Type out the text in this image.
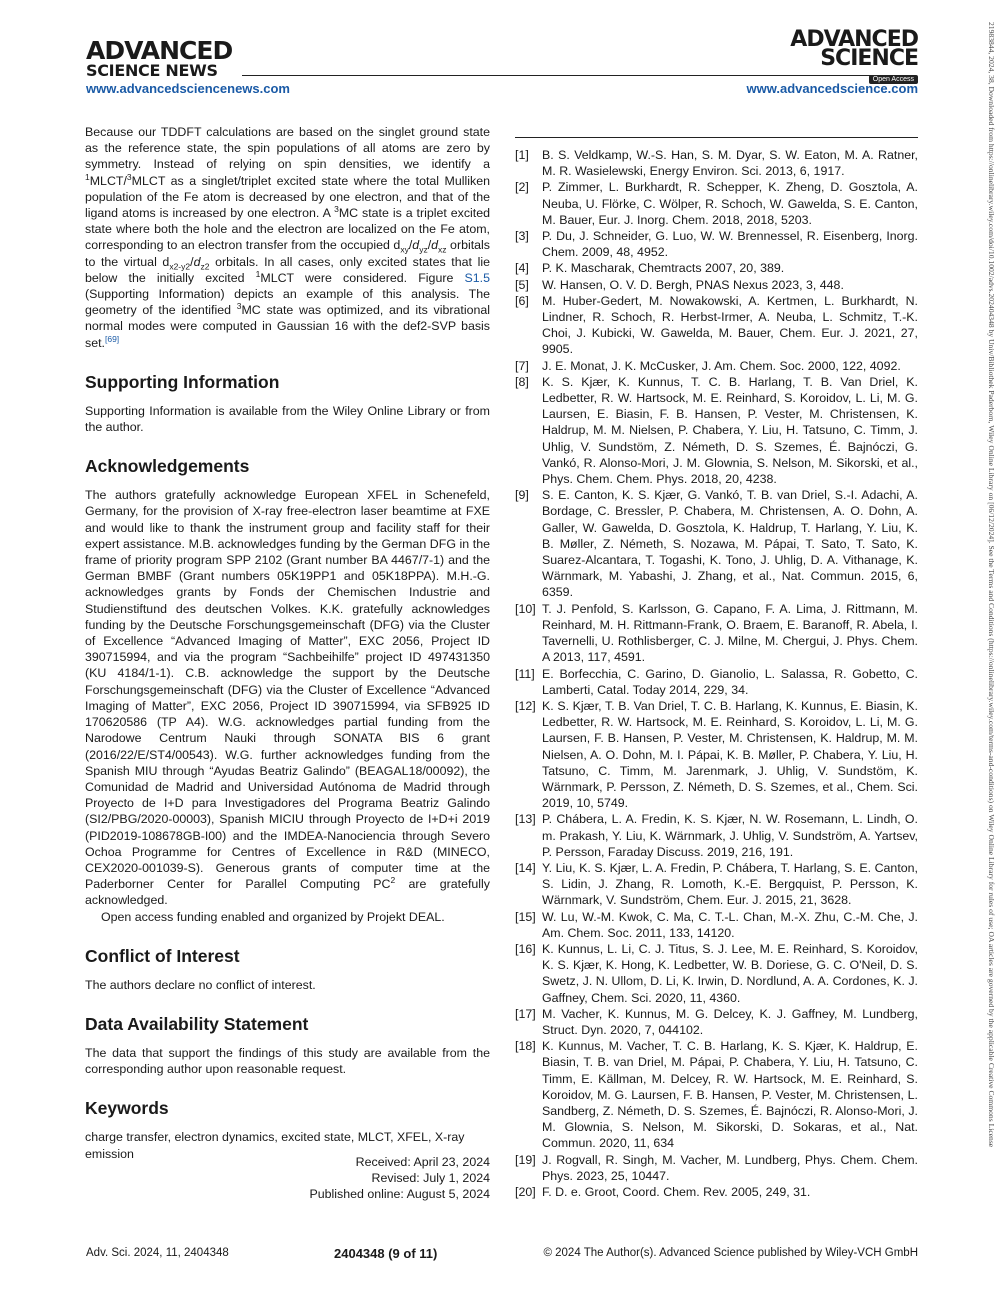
ADVANCED
SCIENCE NEWS
ADVANCED
SCIENCE
Open Access
www.advancedsciencenews.com	www.advancedscience.com	21983844, 2024, 38, Downloaded from https://onlinelibrary.wiley.com/doi/10.1002/advs.202404348 by Univ/Bibliothek Paderborn, Wiley Online Library on [06/12/2024]. See the Terms and Conditions (https://onlinelibrary.wiley.com/terms-and-conditions) on Wiley Online Library for rules of use; OA articles are governed by the applicable Creative Commons License

Because our TDDFT calculations are based on the singlet ground state as the reference state, the spin populations of all atoms are zero by symmetry. Instead of relying on spin densities, we identify a $^1$MLCT/$^3$MLCT as a singlet/triplet excited state where the total Mulliken population of the Fe atom is decreased by one electron, and that of the ligand atoms is increased by one electron. A $^3$MC state is a triplet excited state where both the hole and the electron are localized on the Fe atom, corresponding to an electron transfer from the occupied $d_{xy}/d_{yz}/d_{xz}$ orbitals to the virtual $d_{x2-y2}/d_{z2}$ orbitals. In all cases, only excited states that lie below the initially excited $^1$MLCT were considered. Figure S1.5 (Supporting Information) depicts an example of this analysis. The geometry of the identified $^3$MC state was optimized, and its vibrational normal modes were computed in Gaussian 16 with the def2-SVP basis set.[69]

Supporting Information

Supporting Information is available from the Wiley Online Library or from the author.

Acknowledgements

The authors gratefully acknowledge European XFEL in Schenefeld, Germany, for the provision of X-ray free-electron laser beamtime at FXE and would like to thank the instrument group and facility staff for their expert assistance. M.B. acknowledges funding by the German DFG in the frame of priority program SPP 2102 (Grant number BA 4467/7-1) and the German BMBF (Grant numbers 05K19PP1 and 05K18PPA). M.H.-G. acknowledges grants by Fonds der Chemischen Industrie and Studienstiftund des deutschen Volkes. K.K. gratefully acknowledges funding by the Deutsche Forschungsgemeinschaft (DFG) via the Cluster of Excellence “Advanced Imaging of Matter”, EXC 2056, Project ID 390715994, and via the program “Sachbeihilfe” project ID 497431350 (KU 4184/1-1). C.B. acknowledge the support by the Deutsche Forschungsgemeinschaft (DFG) via the Cluster of Excellence “Advanced Imaging of Matter”, EXC 2056, Project ID 390715994, via SFB925 ID 170620586 (TP A4). W.G. acknowledges partial funding from the Narodowe Centrum Nauki through SONATA BIS 6 grant (2016/22/E/ST4/00543). W.G. further acknowledges funding from the Spanish MIU through “Ayudas Beatriz Galindo” (BEAGAL18/00092), the Comunidad de Madrid and Universidad Autónoma de Madrid through Proyecto de I+D para Investigadores del Programa Beatriz Galindo (SI2/PBG/2020-00003), Spanish MICIU through Proyecto de I+D+i 2019 (PID2019-108678GB-I00) and the IMDEA-Nanociencia through Severo Ochoa Programme for Centres of Excellence in R&D (MINECO, CEX2020-001039-S). Generous grants of computer time at the Paderborner Center for Parallel Computing $PC^2$ are gratefully acknowledged.

Open access funding enabled and organized by Projekt DEAL.

Conflict of Interest

The authors declare no conflict of interest.

Data Availability Statement

The data that support the findings of this study are available from the corresponding author upon reasonable request.

Keywords

charge transfer, electron dynamics, excited state, MLCT, XFEL, X-ray emission

Received: April 23, 2024
Revised: July 1, 2024
Published online: August 5, 2024
[1]	B. S. Veldkamp, W.-S. Han, S. M. Dyar, S. W. Eaton, M. A. Ratner, M. R. Wasielewski, Energy Environ. Sci. 2013, 6, 1917.
[2]	P. Zimmer, L. Burkhardt, R. Schepper, K. Zheng, D. Gosztola, A. Neuba, U. Flörke, C. Wölper, R. Schoch, W. Gawelda, S. E. Canton, M. Bauer, Eur. J. Inorg. Chem. 2018, 2018, 5203.
[3]	P. Du, J. Schneider, G. Luo, W. W. Brennessel, R. Eisenberg, Inorg. Chem. 2009, 48, 4952.
[4]	P. K. Mascharak, Chemtracts 2007, 20, 389.
[5]	W. Hansen, O. V. D. Bergh, PNAS Nexus 2023, 3, 448.
[6]	M. Huber-Gedert, M. Nowakowski, A. Kertmen, L. Burkhardt, N. Lindner, R. Schoch, R. Herbst-Irmer, A. Neuba, L. Schmitz, T.-K. Choi, J. Kubicki, W. Gawelda, M. Bauer, Chem. Eur. J. 2021, 27, 9905.
[7]	J. E. Monat, J. K. McCusker, J. Am. Chem. Soc. 2000, 122, 4092.
[8]	K. S. Kjær, K. Kunnus, T. C. B. Harlang, T. B. Van Driel, K. Ledbetter, R. W. Hartsock, M. E. Reinhard, S. Koroidov, L. Li, M. G. Laursen, E. Biasin, F. B. Hansen, P. Vester, M. Christensen, K. Haldrup, M. M. Nielsen, P. Chabera, Y. Liu, H. Tatsuno, C. Timm, J. Uhlig, V. Sundstöm, Z. Németh, D. S. Szemes, É. Bajnóczi, G. Vankó, R. Alonso-Mori, J. M. Glownia, S. Nelson, M. Sikorski, et al., Phys. Chem. Chem. Phys. 2018, 20, 4238.
[9]	S. E. Canton, K. S. Kjær, G. Vankó, T. B. van Driel, S.-I. Adachi, A. Bordage, C. Bressler, P. Chabera, M. Christensen, A. O. Dohn, A. Galler, W. Gawelda, D. Gosztola, K. Haldrup, T. Harlang, Y. Liu, K. B. Møller, Z. Németh, S. Nozawa, M. Pápai, T. Sato, T. Sato, K. Suarez-Alcantara, T. Togashi, K. Tono, J. Uhlig, D. A. Vithanage, K. Wärnmark, M. Yabashi, J. Zhang, et al., Nat. Commun. 2015, 6, 6359.
[10] T. J. Penfold, S. Karlsson, G. Capano, F. A. Lima, J. Rittmann, M. Reinhard, M. H. Rittmann-Frank, O. Braem, E. Baranoff, R. Abela, I. Tavernelli, U. Rothlisberger, C. J. Milne, M. Chergui, J. Phys. Chem. A 2013, 117, 4591.
[11] E. Borfecchia, C. Garino, D. Gianolio, L. Salassa, R. Gobetto, C. Lamberti, Catal. Today 2014, 229, 34.
[12] K. S. Kjær, T. B. Van Driel, T. C. B. Harlang, K. Kunnus, E. Biasin, K. Ledbetter, R. W. Hartsock, M. E. Reinhard, S. Koroidov, L. Li, M. G. Laursen, F. B. Hansen, P. Vester, M. Christensen, K. Haldrup, M. M. Nielsen, A. O. Dohn, M. I. Pápai, K. B. Møller, P. Chabera, Y. Liu, H. Tatsuno, C. Timm, M. Jarenmark, J. Uhlig, V. Sundstöm, K. Wärnmark, P. Persson, Z. Németh, D. S. Szemes, et al., Chem. Sci. 2019, 10, 5749.
[13] P. Chábera, L. A. Fredin, K. S. Kjær, N. W. Rosemann, L. Lindh, O. m. Prakash, Y. Liu, K. Wärnmark, J. Uhlig, V. Sundström, A. Yartsev, P. Persson, Faraday Discuss. 2019, 216, 191.
[14] Y. Liu, K. S. Kjær, L. A. Fredin, P. Chábera, T. Harlang, S. E. Canton, S. Lidin, J. Zhang, R. Lomoth, K.-E. Bergquist, P. Persson, K. Wärnmark, V. Sundström, Chem. Eur. J. 2015, 21, 3628.
[15] W. Lu, W.-M. Kwok, C. Ma, C. T.-L. Chan, M.-X. Zhu, C.-M. Che, J. Am. Chem. Soc. 2011, 133, 14120.
[16] K. Kunnus, L. Li, C. J. Titus, S. J. Lee, M. E. Reinhard, S. Koroidov, K. S. Kjær, K. Hong, K. Ledbetter, W. B. Doriese, G. C. O'Neil, D. S. Swetz, J. N. Ullom, D. Li, K. Irwin, D. Nordlund, A. A. Cordones, K. J. Gaffney, Chem. Sci. 2020, 11, 4360.
[17] M. Vacher, K. Kunnus, M. G. Delcey, K. J. Gaffney, M. Lundberg, Struct. Dyn. 2020, 7, 044102.
[18] K. Kunnus, M. Vacher, T. C. B. Harlang, K. S. Kjær, K. Haldrup, E. Biasin, T. B. van Driel, M. Pápai, P. Chabera, Y. Liu, H. Tatsuno, C. Timm, E. Källman, M. Delcey, R. W. Hartsock, M. E. Reinhard, S. Koroidov, M. G. Laursen, F. B. Hansen, P. Vester, M. Christensen, L. Sandberg, Z. Németh, D. S. Szemes, É. Bajnóczi, R. Alonso-Mori, J. M. Glownia, S. Nelson, M. Sikorski, D. Sokaras, et al., Nat. Commun. 2020, 11, 634
[19] J. Rogvall, R. Singh, M. Vacher, M. Lundberg, Phys. Chem. Chem. Phys. 2023, 25, 10447.
[20] F. D. e. Groot, Coord. Chem. Rev. 2005, 249, 31.
Adv. Sci. 2024, 11, 2404348	2404348 (9 of 11)	© 2024 The Author(s). Advanced Science published by Wiley-VCH GmbH
